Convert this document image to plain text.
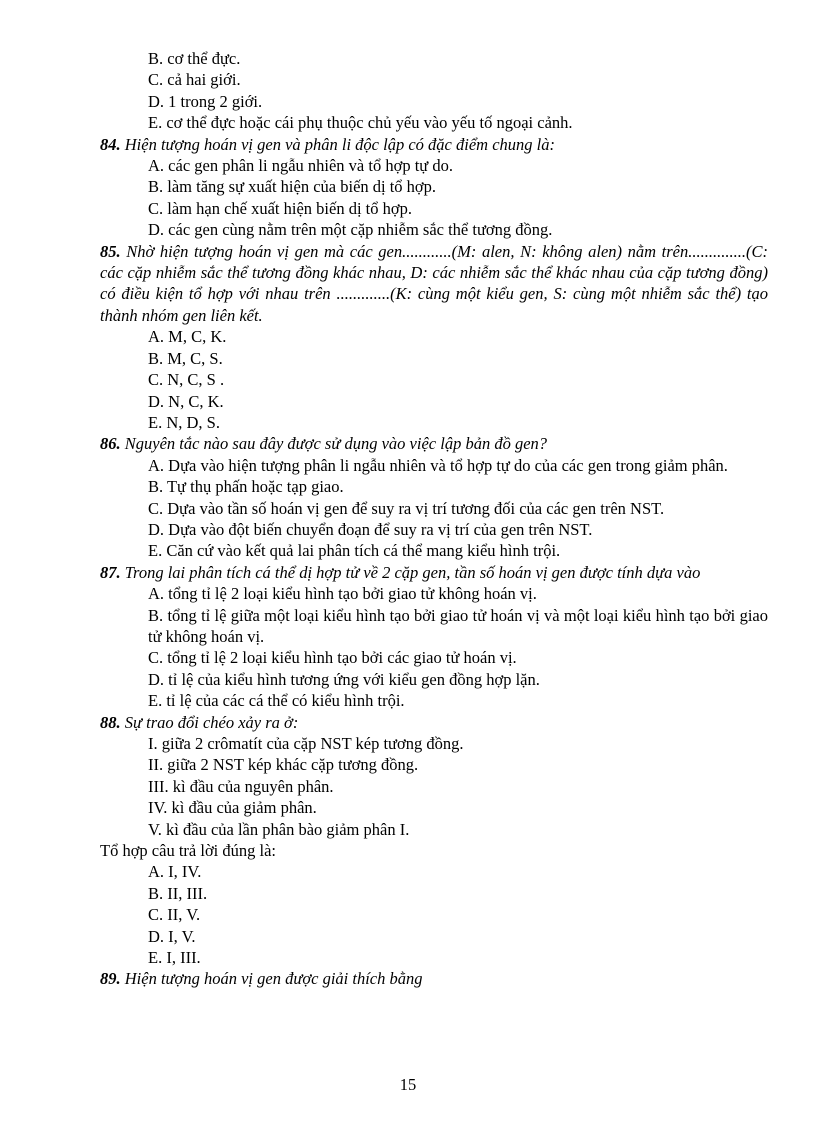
B. cơ thể đực.
C. cả hai giới.
D. 1 trong 2 giới.
E. cơ thể đực hoặc cái phụ thuộc chủ yếu vào yếu tố ngoại cảnh.
84. Hiện tượng hoán vị gen và phân li độc lập có đặc điểm chung là:
A. các gen phân li ngẫu nhiên và tổ hợp tự do.
B. làm tăng sự xuất hiện của biến dị tổ hợp.
C. làm hạn chế xuất hiện biến dị tổ hợp.
D. các gen cùng nằm trên một cặp nhiễm sắc thể tương đồng.
85. Nhờ hiện tượng hoán vị gen mà các gen............(M: alen, N: không alen) nằm trên..............(C: các cặp nhiễm sắc thể tương đồng khác nhau, D: các nhiễm sắc thể khác nhau của cặp tương đồng) có điều kiện tổ hợp với nhau trên .............(K: cùng một kiểu gen, S: cùng một nhiễm sắc thể) tạo thành nhóm gen liên kết.
A. M, C, K.
B. M, C, S.
C. N, C, S .
D. N, C, K.
E. N, D, S.
86. Nguyên tắc nào sau đây được sử dụng vào việc lập bản đồ gen?
A. Dựa vào hiện tượng phân li ngẫu nhiên và tổ hợp tự do của các gen trong giảm phân.
B. Tự thụ phấn hoặc tạp giao.
C. Dựa vào tần số hoán vị gen để suy ra vị trí tương đối của các gen trên NST.
D. Dựa vào đột biến chuyển đoạn để suy ra vị trí của gen trên NST.
E. Căn cứ vào kết quả lai phân tích cá thể mang kiểu hình trội.
87. Trong lai phân tích cá thể dị hợp tử về 2 cặp gen, tần số hoán vị gen được tính dựa vào
A. tổng tỉ lệ 2 loại kiểu hình tạo bởi giao tử không hoán vị.
B. tổng tỉ lệ giữa một loại kiểu hình tạo bởi giao tử hoán vị và một loại kiểu hình tạo bởi giao tử không hoán vị.
C. tổng tỉ lệ 2 loại kiểu hình tạo bởi các giao tử hoán vị.
D. tỉ lệ của kiểu hình tương ứng với kiểu gen đồng hợp lặn.
E. tỉ lệ của các cá thể có kiểu hình trội.
88. Sự trao đổi chéo xảy ra ở:
I. giữa 2 crômatít của cặp NST kép tương đồng.
II. giữa 2 NST kép khác cặp tương đồng.
III. kì đầu của nguyên phân.
IV. kì đầu của giảm phân.
V. kì đầu của lần phân bào giảm phân I.
Tổ hợp câu trả lời đúng là:
A. I, IV.
B. II, III.
C. II, V.
D. I, V.
E. I, III.
89. Hiện tượng hoán vị gen được giải thích bằng
15
